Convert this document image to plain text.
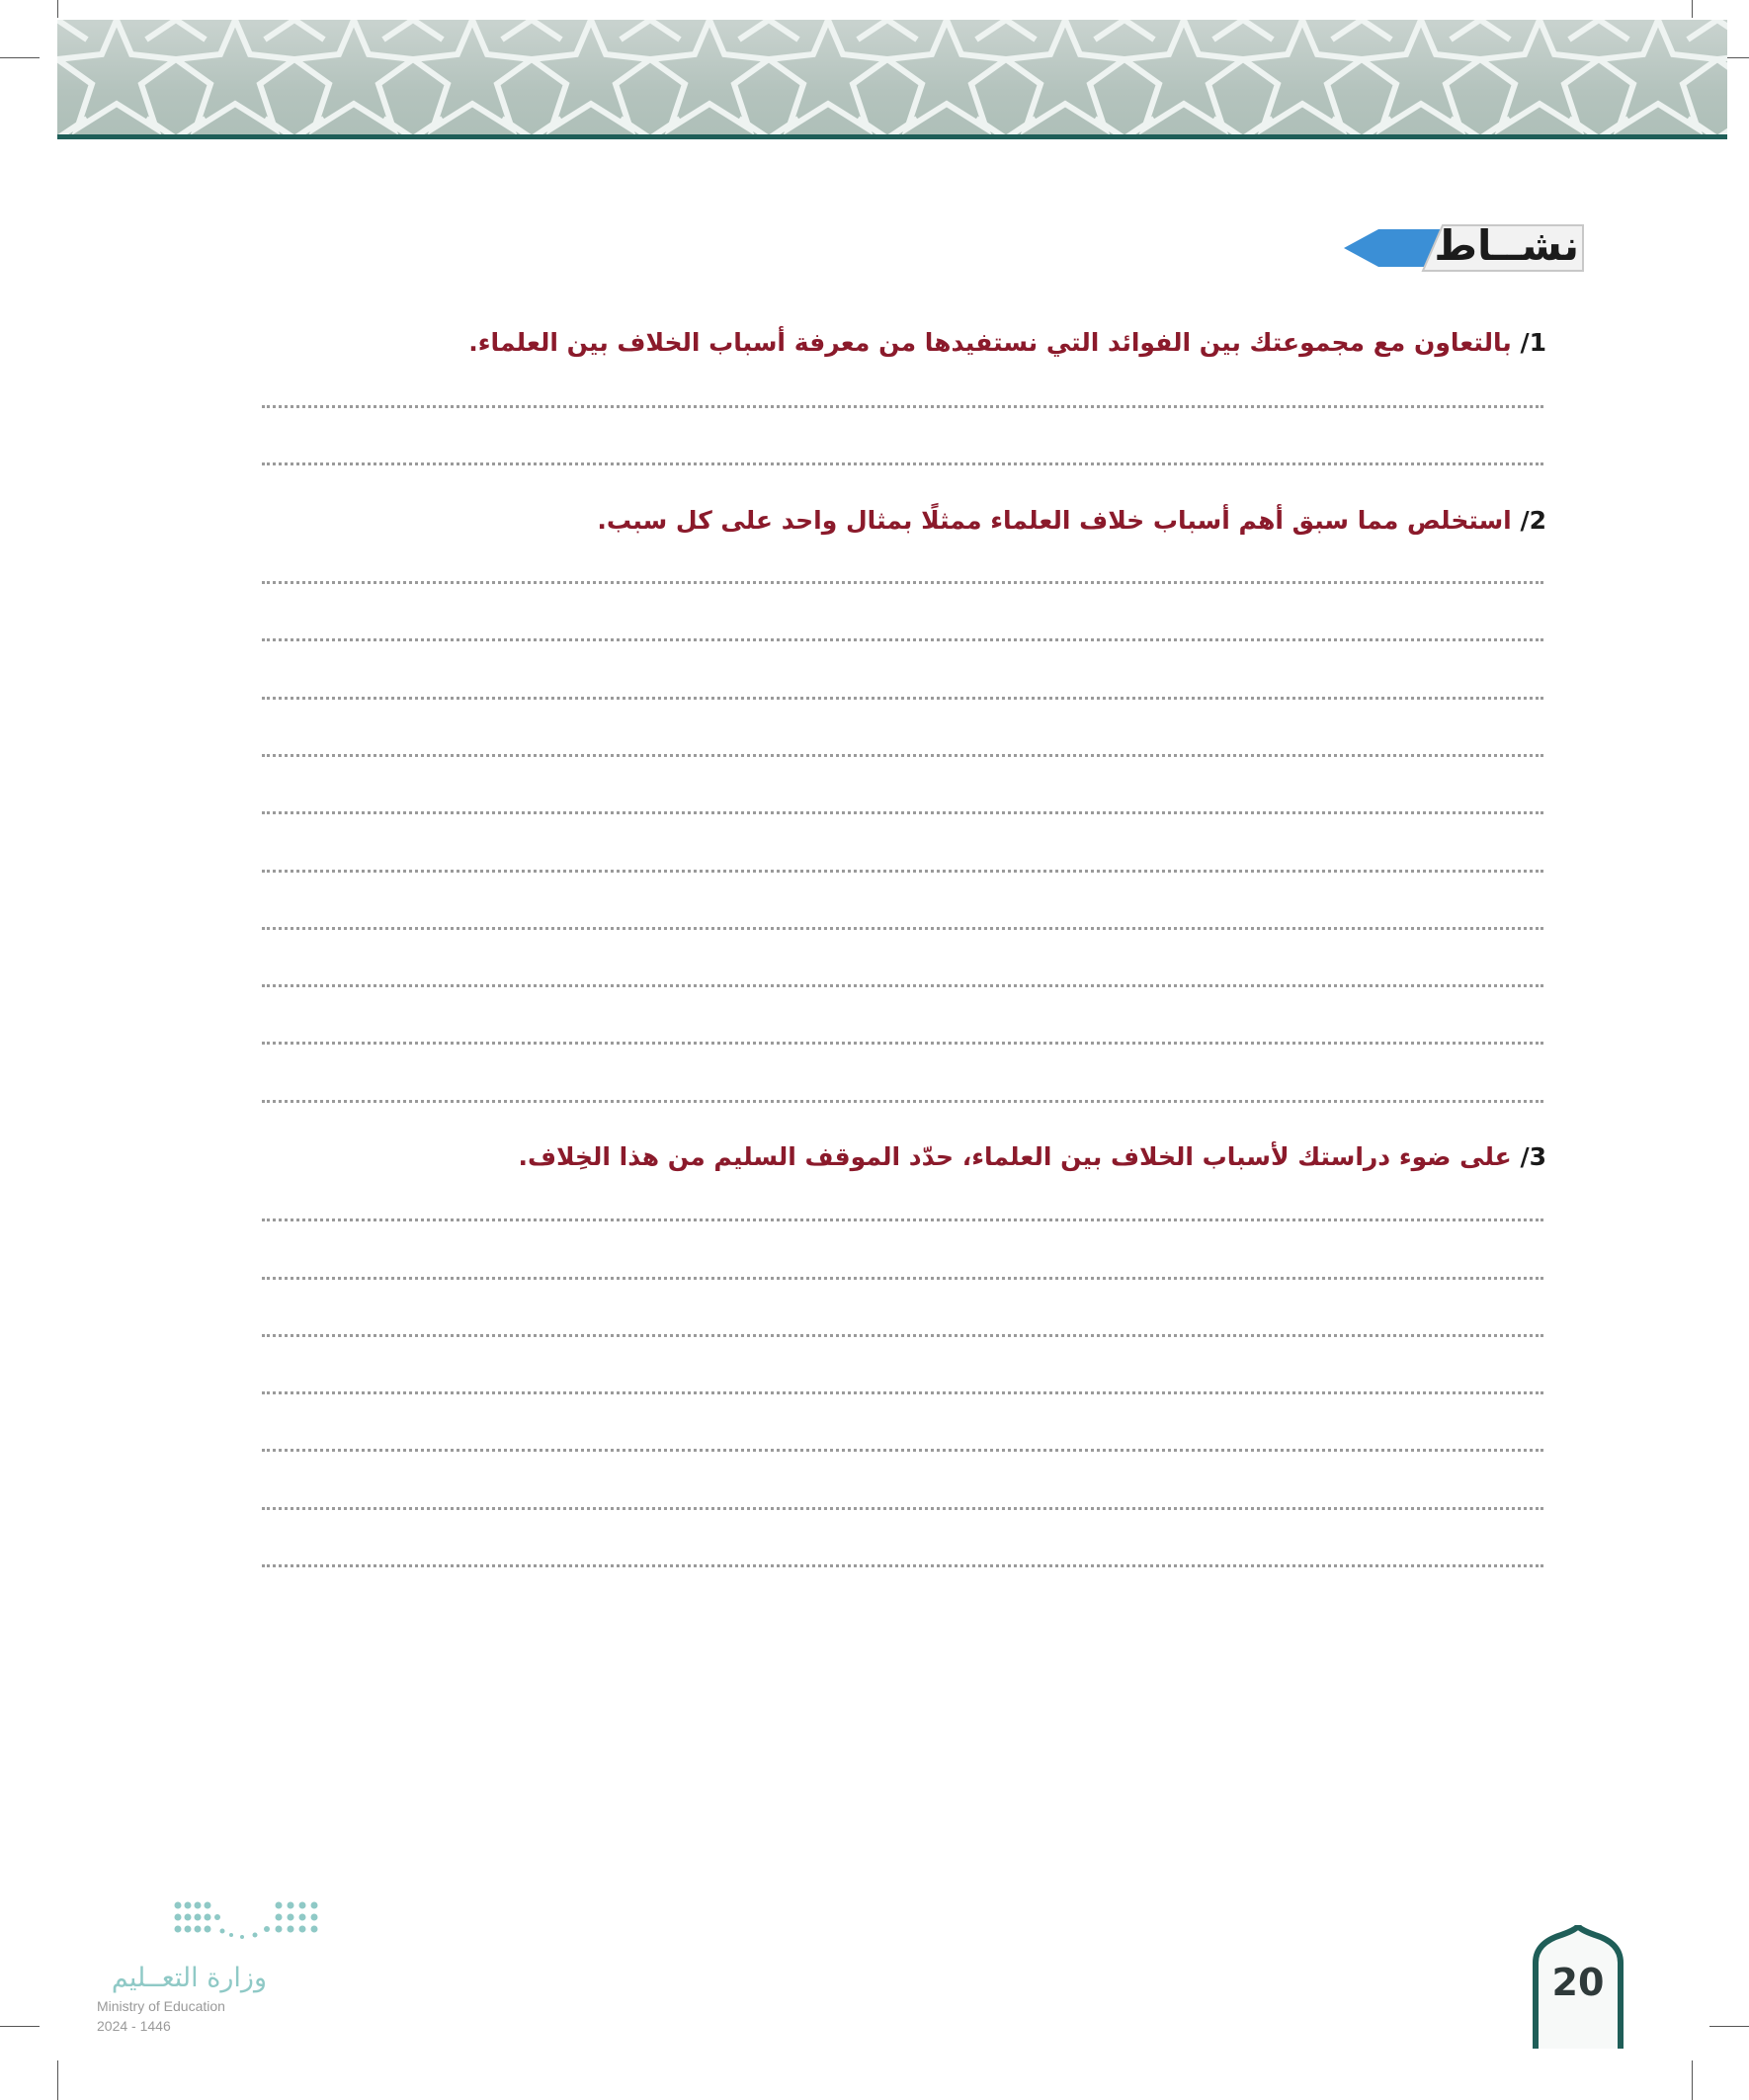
نشــاط
1/ بالتعاون مع مجموعتك بين الفوائد التي نستفيدها من معرفة أسباب الخلاف بين العلماء.
2/ استخلص مما سبق أهم أسباب خلاف العلماء ممثلًا بمثال واحد على كل سبب.
3/ على ضوء دراستك لأسباب الخلاف بين العلماء، حدّد الموقف السليم من هذا الخِلاف.
وزارة التعــليم
Ministry of Education
2024 - 1446
20
